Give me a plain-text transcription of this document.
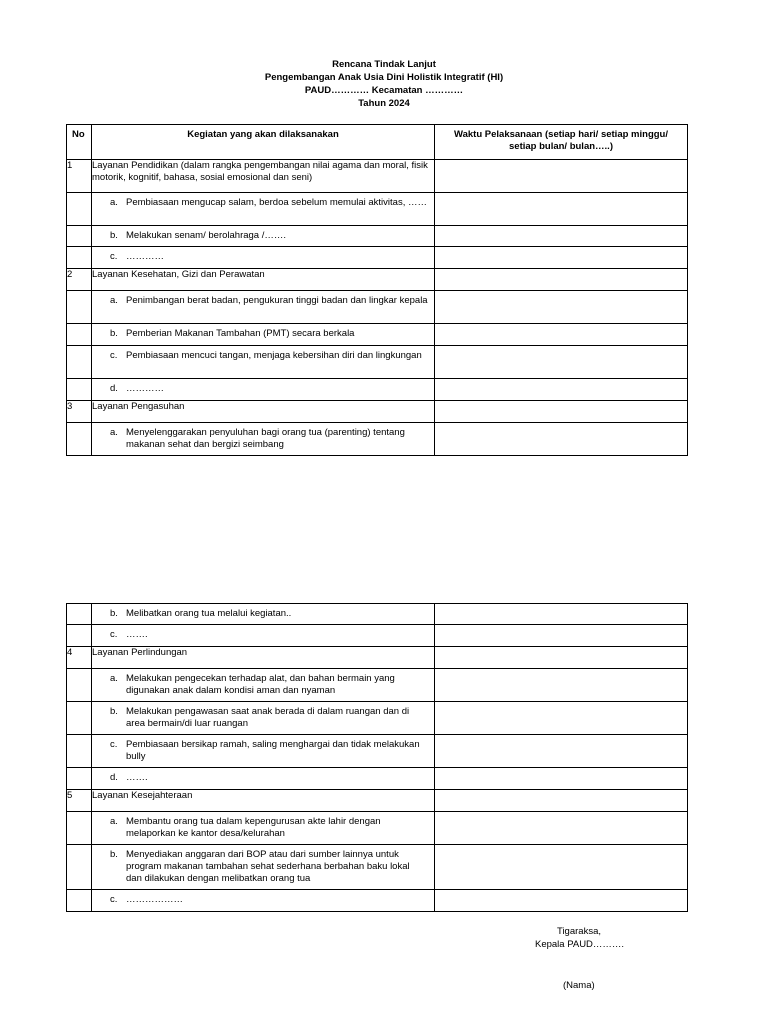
Rencana Tindak Lanjut
Pengembangan Anak Usia Dini Holistik Integratif (HI)
PAUD………… Kecamatan …………
Tahun 2024
No	Kegiatan yang akan dilaksanakan	Waktu Pelaksanaan (setiap hari/ setiap minggu/
setiap bulan/ bulan…..)

1	Layanan Pendidikan (dalam rangka pengembangan nilai agama dan moral, fisik motorik, kognitif, bahasa, sosial emosional dan seni)	

	a. Pembiasaan mengucap salam, berdoa sebelum memulai aktivitas, ……	

	b. Melakukan senam/ berolahraga /…….	

	c. …………	

2	Layanan Kesehatan, Gizi dan Perawatan	

	a. Penimbangan berat badan, pengukuran tinggi badan dan lingkar kepala	

	b. Pemberian Makanan Tambahan (PMT) secara berkala	

	c. Pembiasaan mencuci tangan, menjaga kebersihan diri dan lingkungan	

	d. …………	

3	Layanan Pengasuhan	

	a. Menyelenggarakan penyuluhan bagi orang tua (parenting) tentang makanan sehat dan bergizi seimbang	

	b. Melibatkan orang tua melalui kegiatan..	

	c. …….	

4	Layanan Perlindungan	

	a. Melakukan pengecekan terhadap alat, dan bahan bermain yang digunakan anak dalam kondisi aman dan nyaman	

	b. Melakukan pengawasan saat anak berada di dalam ruangan dan di area bermain/di luar ruangan	

	c. Pembiasaan bersikap ramah, saling menghargai dan tidak melakukan bully	

	d. …….	

5	Layanan Kesejahteraan	

	a. Membantu orang tua dalam kepengurusan akte lahir dengan melaporkan ke kantor desa/kelurahan	

	b. Menyediakan anggaran dari BOP atau dari sumber lainnya untuk program makanan tambahan sehat sederhana berbahan baku lokal dan dilakukan dengan melibatkan orang tua	

	c. ………………	

Tigaraksa,
Kepala PAUD……….
(Nama)
